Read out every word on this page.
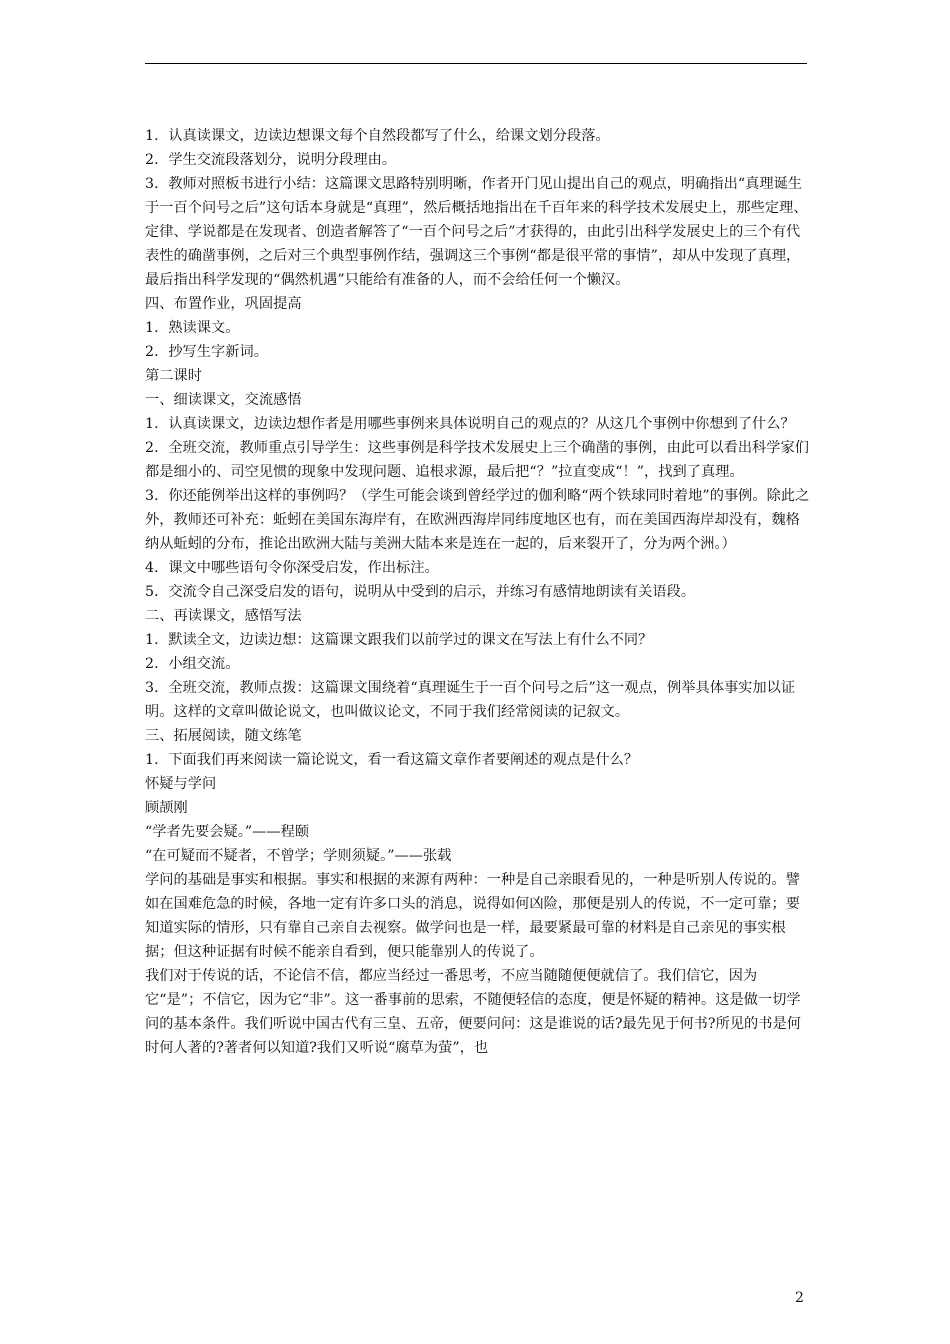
1．认真读课文，边读边想课文每个自然段都写了什么，给课文划分段落。

2．学生交流段落划分，说明分段理由。

3．教师对照板书进行小结：这篇课文思路特别明晰，作者开门见山提出自己的观点，明确指出“真理诞生于一百个问号之后”这句话本身就是“真理”，然后概括地指出在千百年来的科学技术发展史上，那些定理、定律、学说都是在发现者、创造者解答了“一百个问号之后”才获得的，由此引出科学发展史上的三个有代表性的确凿事例，之后对三个典型事例作结，强调这三个事例“都是很平常的事情”，却从中发现了真理，最后指出科学发现的“偶然机遇”只能给有准备的人，而不会给任何一个懒汉。

四、布置作业，巩固提高

1．熟读课文。

2．抄写生字新词。

第二课时

一、细读课文，交流感悟

1．认真读课文，边读边想作者是用哪些事例来具体说明自己的观点的？从这几个事例中你想到了什么？

2．全班交流，教师重点引导学生：这些事例是科学技术发展史上三个确凿的事例，由此可以看出科学家们都是细小的、司空见惯的现象中发现问题、追根求源，最后把“？”拉直变成“！”，找到了真理。

3．你还能例举出这样的事例吗？（学生可能会谈到曾经学过的伽利略“两个铁球同时着地”的事例。除此之外，教师还可补充：蚯蚓在美国东海岸有，在欧洲西海岸同纬度地区也有，而在美国西海岸却没有，魏格纳从蚯蚓的分布，推论出欧洲大陆与美洲大陆本来是连在一起的，后来裂开了，分为两个洲。）

4．课文中哪些语句令你深受启发，作出标注。

5．交流令自己深受启发的语句，说明从中受到的启示，并练习有感情地朗读有关语段。

二、再读课文，感悟写法

1．默读全文，边读边想：这篇课文跟我们以前学过的课文在写法上有什么不同？

2．小组交流。

3．全班交流，教师点拨：这篇课文围绕着“真理诞生于一百个问号之后”这一观点，例举具体事实加以证明。这样的文章叫做论说文，也叫做议论文，不同于我们经常阅读的记叙文。

三、拓展阅读，随文练笔

1．下面我们再来阅读一篇论说文，看一看这篇文章作者要阐述的观点是什么？

怀疑与学问

顾颉刚

“学者先要会疑。”——程颐

“在可疑而不疑者，不曾学；学则须疑。”——张载

学问的基础是事实和根据。事实和根据的来源有两种：一种是自己亲眼看见的，一种是听别人传说的。譬如在国难危急的时候，各地一定有许多口头的消息，说得如何凶险，那便是别人的传说，不一定可靠；要知道实际的情形，只有靠自己亲自去视察。做学问也是一样，最要紧最可靠的材料是自己亲见的事实根据；但这种证据有时候不能亲自看到，便只能靠别人的传说了。

我们对于传说的话，不论信不信，都应当经过一番思考，不应当随随便便就信了。我们信它，因为它“是”；不信它，因为它“非”。这一番事前的思索，不随便轻信的态度，便是怀疑的精神。这是做一切学问的基本条件。我们听说中国古代有三皇、五帝，便要问问：这是谁说的话?最先见于何书?所见的书是何时何人著的?著者何以知道?我们又听说“腐草为萤”，也

2
